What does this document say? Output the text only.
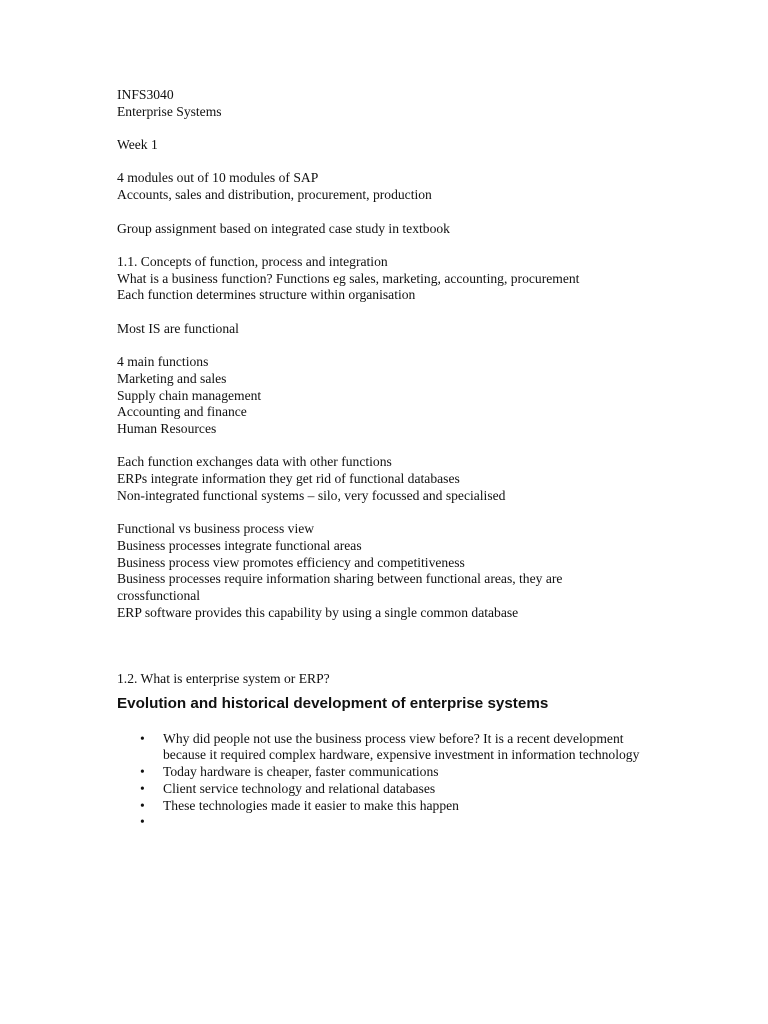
INFS3040

Enterprise Systems

Week 1

4 modules out of 10 modules of SAP

Accounts, sales and distribution, procurement, production

Group assignment based on integrated case study in textbook

1.1. Concepts of function, process and integration

What is a business function? Functions eg sales, marketing, accounting, procurement

Each function determines structure within organisation

Most IS are functional

4 main functions

Marketing and sales

Supply chain management

Accounting and finance

Human Resources

Each function exchanges data with other functions

ERPs integrate information they get rid of functional databases

Non-integrated functional systems – silo, very focussed and specialised

Functional vs business process view

Business processes integrate functional areas

Business process view promotes efficiency and competitiveness

Business processes require information sharing between functional areas, they are

crossfunctional

ERP software provides this capability by using a single common database

1.2. What is enterprise system or ERP?

Evolution and historical development of enterprise systems

• Why did people not use the business process view before? It is a recent development because it required complex hardware, expensive investment in information technology
• Today hardware is cheaper, faster communications
• Client service technology and relational databases
• These technologies made it easier to make this happen
•
